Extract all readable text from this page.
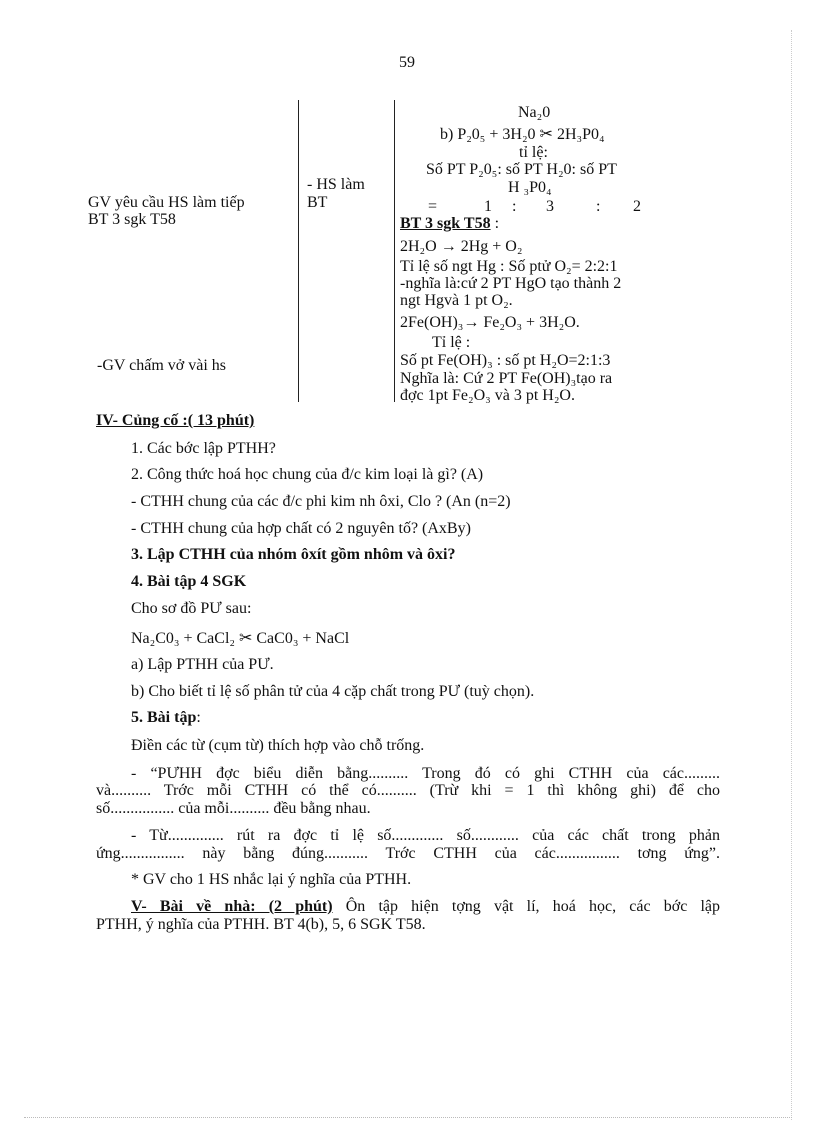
59
GV yêu cầu HS làm tiếp
BT 3 sgk T58
-GV chấm vở vài hs
- HS làm
BT
Na₂0
b) P₂0₅ + 3H₂0 ✂ 2H₃P0₄
tỉ lệ:
Số PT P₂0₅: số PT H₂0: số PT
H ₃P0₄
=	1 : 3	: 2
BT 3 sgk T58 :
2H₂O → 2Hg + O₂
Tỉ lệ số ngt Hg : Số ptử O₂= 2:2:1
-nghĩa là:cứ 2 PT HgO tạo thành 2
ngt Hgvà 1 pt O₂.
2Fe(OH)₃→ Fe₂O₃ + 3H₂O.
Tỉ lệ :
Số pt Fe(OH)₃ : số pt H₂O=2:1:3
Nghĩa là: Cứ 2 PT Fe(OH)₃tạo ra
đợc 1pt Fe₂O₃ và 3 pt H₂O.
IV- Củng cố :( 13 phút)
1. Các bớc lập PTHH?
2. Công thức hoá học chung của đ/c kim loại là gì? (A)
- CTHH chung của các đ/c phi kim nh ôxi, Clo ? (An (n=2)
- CTHH chung của hợp chất có 2 nguyên tố? (AxBy)
3. Lập CTHH của nhóm ôxít gồm nhôm và ôxi?
4. Bài tập 4 SGK
Cho sơ đồ PƯ sau:
Na₂C0₃ + CaCl₂ ✂ CaC0₃ + NaCl
a) Lập PTHH của PƯ.
b) Cho biết tỉ lệ số phân tử của 4 cặp chất trong PƯ (tuỳ chọn).
5. Bài tập:
Điền các từ (cụm từ) thích hợp vào chỗ trống.
- “PƯHH đợc biểu diễn bằng.......... Trong đó có ghi CTHH của các.........
và.......... Trớc mỗi CTHH có thể có.......... (Trừ khi = 1 thì không ghi) để cho
số................ của mỗi.......... đều bằng nhau.
- Từ.............. rút ra đợc tỉ lệ số............. số............ của các chất trong phản
ứng................ này bằng đúng........... Trớc CTHH của các................ tơng ứng”.
* GV cho 1 HS nhắc lại ý nghĩa của PTHH.
V- Bài về nhà: (2 phút) Ôn tập hiện tợng vật lí, hoá học, các bớc lập
PTHH, ý nghĩa của PTHH. BT 4(b), 5, 6 SGK T58.
